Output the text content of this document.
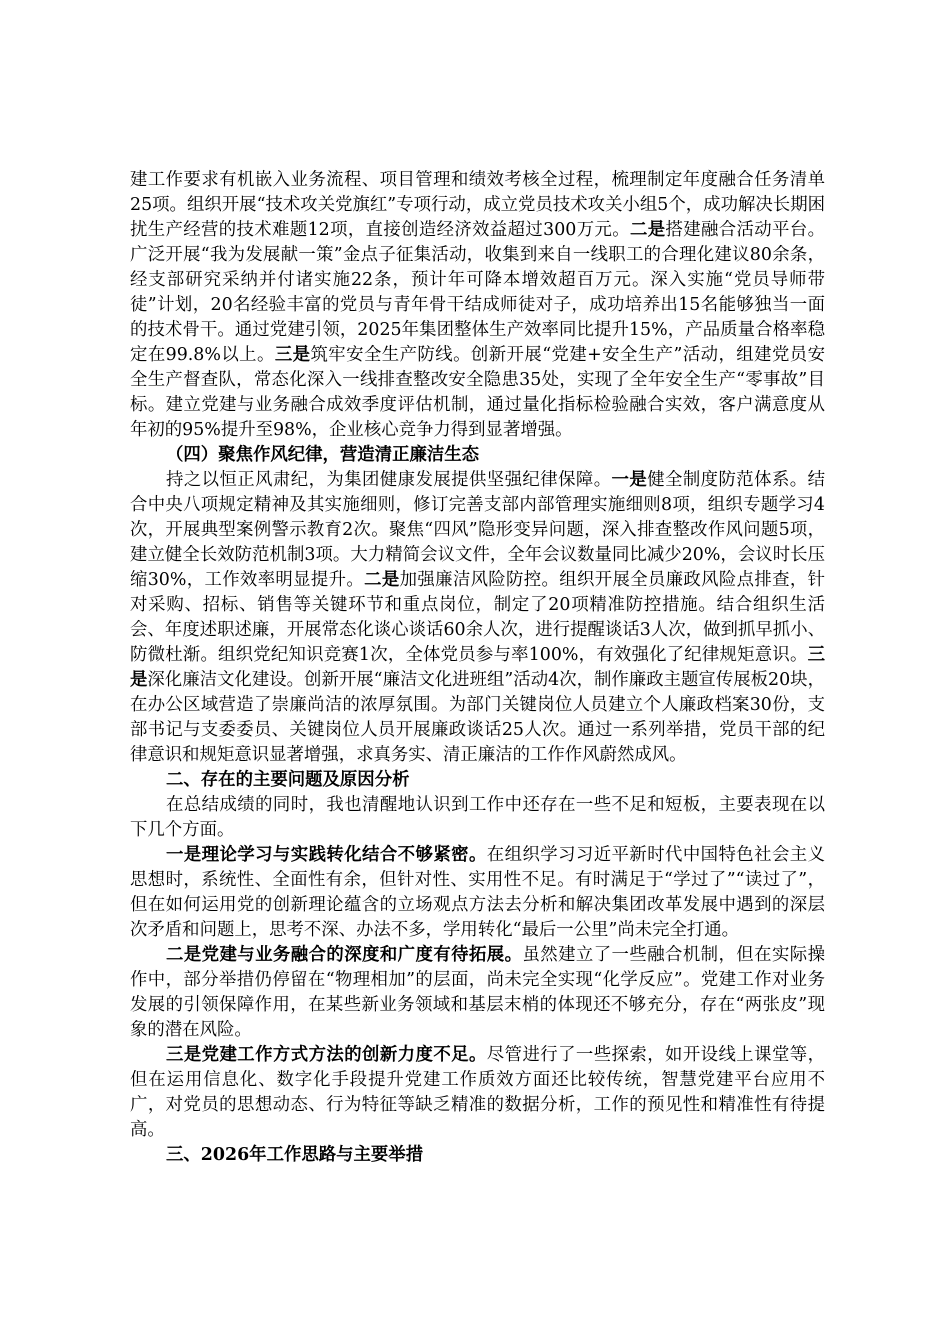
建工作要求有机嵌入业务流程、项目管理和绩效考核全过程，梳理制定年度融合任务清单25项。组织开展“技术攻关党旗红”专项行动，成立党员技术攻关小组5个，成功解决长期困扰生产经营的技术难题12项，直接创造经济效益超过300万元。二是搭建融合活动平台。广泛开展“我为发展献一策”金点子征集活动，收集到来自一线职工的合理化建议80余条，经支部研究采纳并付诸实施22条，预计年可降本增效超百万元。深入实施“党员导师带徒”计划，20名经验丰富的党员与青年骨干结成师徒对子，成功培养出15名能够独当一面的技术骨干。通过党建引领，2025年集团整体生产效率同比提升15%，产品质量合格率稳定在99.8%以上。三是筑牢安全生产防线。创新开展“党建+安全生产”活动，组建党员安全生产督查队，常态化深入一线排查整改安全隐患35处，实现了全年安全生产“零事故”目标。建立党建与业务融合成效季度评估机制，通过量化指标检验融合实效，客户满意度从年初的95%提升至98%，企业核心竞争力得到显著增强。

（四）聚焦作风纪律，营造清正廉洁生态

持之以恒正风肃纪，为集团健康发展提供坚强纪律保障。一是健全制度防范体系。结合中央八项规定精神及其实施细则，修订完善支部内部管理实施细则8项，组织专题学习4次，开展典型案例警示教育2次。聚焦“四风”隐形变异问题，深入排查整改作风问题5项，建立健全长效防范机制3项。大力精简会议文件，全年会议数量同比减少20%，会议时长压缩30%，工作效率明显提升。二是加强廉洁风险防控。组织开展全员廉政风险点排查，针对采购、招标、销售等关键环节和重点岗位，制定了20项精准防控措施。结合组织生活会、年度述职述廉，开展常态化谈心谈话60余人次，进行提醒谈话3人次，做到抓早抓小、防微杜渐。组织党纪知识竞赛1次，全体党员参与率100%，有效强化了纪律规矩意识。三是深化廉洁文化建设。创新开展“廉洁文化进班组”活动4次，制作廉政主题宣传展板20块，在办公区域营造了崇廉尚洁的浓厚氛围。为部门关键岗位人员建立个人廉政档案30份，支部书记与支委委员、关键岗位人员开展廉政谈话25人次。通过一系列举措，党员干部的纪律意识和规矩意识显著增强，求真务实、清正廉洁的工作作风蔚然成风。

二、存在的主要问题及原因分析

在总结成绩的同时，我也清醒地认识到工作中还存在一些不足和短板，主要表现在以下几个方面。

一是理论学习与实践转化结合不够紧密。在组织学习习近平新时代中国特色社会主义思想时，系统性、全面性有余，但针对性、实用性不足。有时满足于“学过了”“读过了”，但在如何运用党的创新理论蕴含的立场观点方法去分析和解决集团改革发展中遇到的深层次矛盾和问题上，思考不深、办法不多，学用转化“最后一公里”尚未完全打通。

二是党建与业务融合的深度和广度有待拓展。虽然建立了一些融合机制，但在实际操作中，部分举措仍停留在“物理相加”的层面，尚未完全实现“化学反应”。党建工作对业务发展的引领保障作用，在某些新业务领域和基层末梢的体现还不够充分，存在“两张皮”现象的潜在风险。

三是党建工作方式方法的创新力度不足。尽管进行了一些探索，如开设线上课堂等，但在运用信息化、数字化手段提升党建工作质效方面还比较传统，智慧党建平台应用不广，对党员的思想动态、行为特征等缺乏精准的数据分析，工作的预见性和精准性有待提高。

三、2026年工作思路与主要举措
